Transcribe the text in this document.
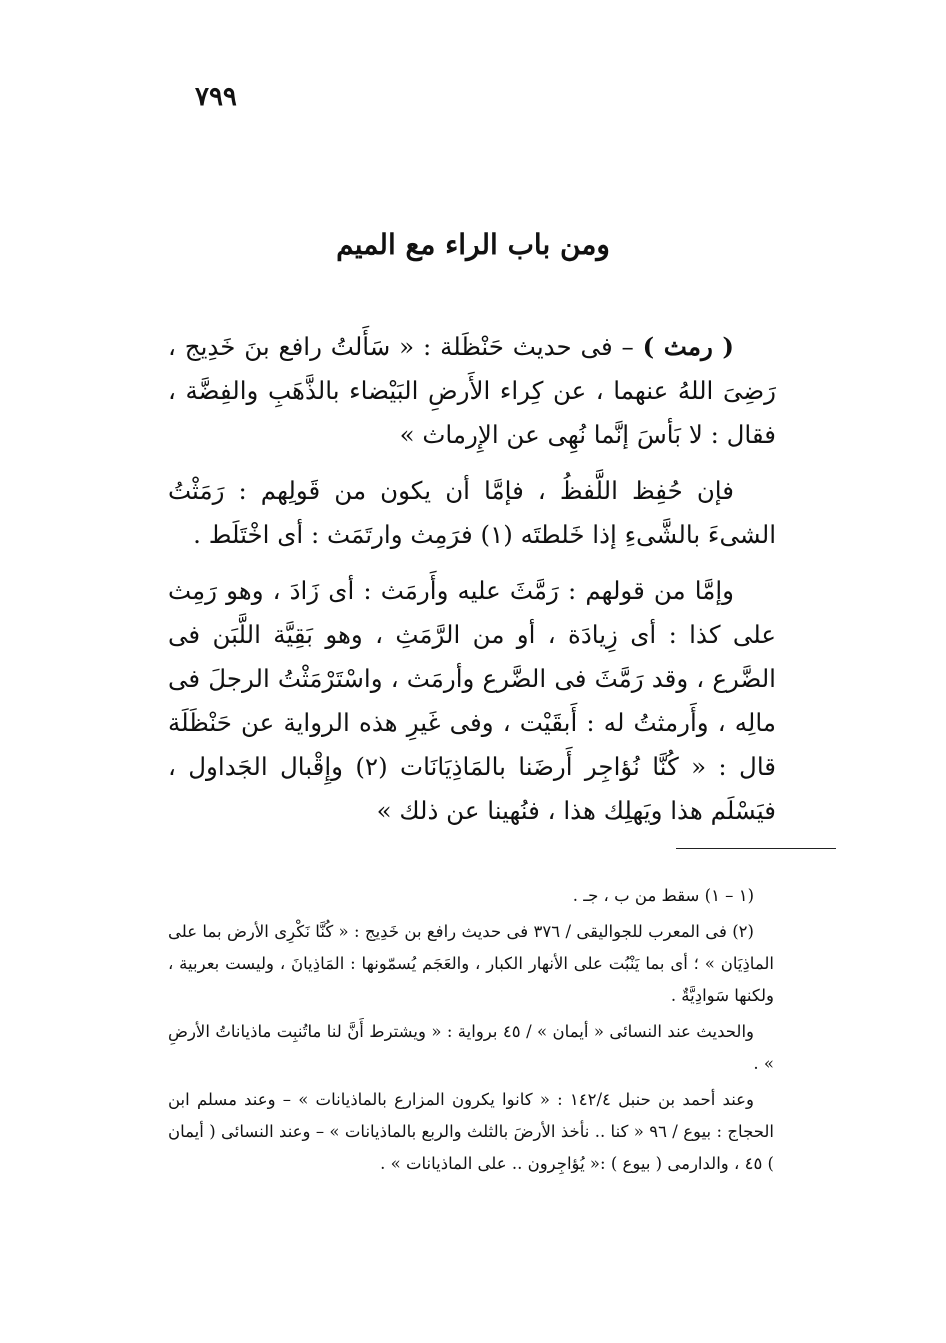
٧٩٩
ومن باب الراء مع الميم

( رمث ) – فى حديث حَنْظَلة : « سَأَلتُ رافع بنَ خَدِيج ، رَضِىَ اللهُ عنهما ، عن كِراء الأَرضِ البَيْضاء بالذَّهَبِ والفِضَّة ، فقال : لا بَأسَ إنَّما نُهِى عن الإِرماث »

فإن حُفِظ اللَّفظُ ، فإمَّا أن يكون من قَولِهم : رَمَثْتُ الشىءَ بالشَّىءِ إذا خَلطتَه (١) فرَمِث وارتَمَث : أى اخْتَلَط .

وإمَّا من قولهم : رَمَّثَ عليه وأَرمَث : أى زَادَ ، وهو رَمِث على كذا : أى زِيادَة ، أو من الرَّمَثِ ، وهو بَقِيَّة اللَّبَن فى الضَّرع ، وقد رَمَّثَ فى الضَّرع وأرمَث ، واسْتَرْمَثْتُ الرجلَ فى مالِه ، وأَرمثتُ له : أَبقَيْت ، وفى غَيرِ هذه الرواية عن حَنْظَلَة قال : « كُنَّا نُؤاجِر أَرضَنا بالمَاذِيَانَات (٢) وإِقْبال الجَداول ، فيَسْلَم هذا ويَهلِك هذا ، فنُهينا عن ذلك »

(١ – ١) سقط من ب ، جـ .

(٢) فى المعرب للجواليقى / ٣٧٦ فى حديث رافع بن خَدِيج : « كُنَّا نَكْرِى الأرض بما على الماذِيَان » ؛ أى بما يَنْبُت على الأنهار الكبار ، والعَجَم يُسمّونها : المَاذِيانَ ، وليست بعربية ، ولكنها سَوادِيَّةٌ .

والحديث عند النسائى « أيمان » / ٤٥ برواية : « ويشترط أَنَّ لنا ماتُنبِت ماذياناتُ الأرضِ » .

وعند أحمد بن حنبل ١٤٢/٤ : « كانوا يكرون المزارع بالماذيانات » – وعند مسلم ابن الحجاج : بيوع / ٩٦ « كنا .. نأخذ الأرضَ بالثلث والربع بالماذيانات » – وعند النسائى ( أيمان ) ٤٥ ، والدارمى ( بيوع ) :« يُؤاجِرون .. على الماذيانات » .
